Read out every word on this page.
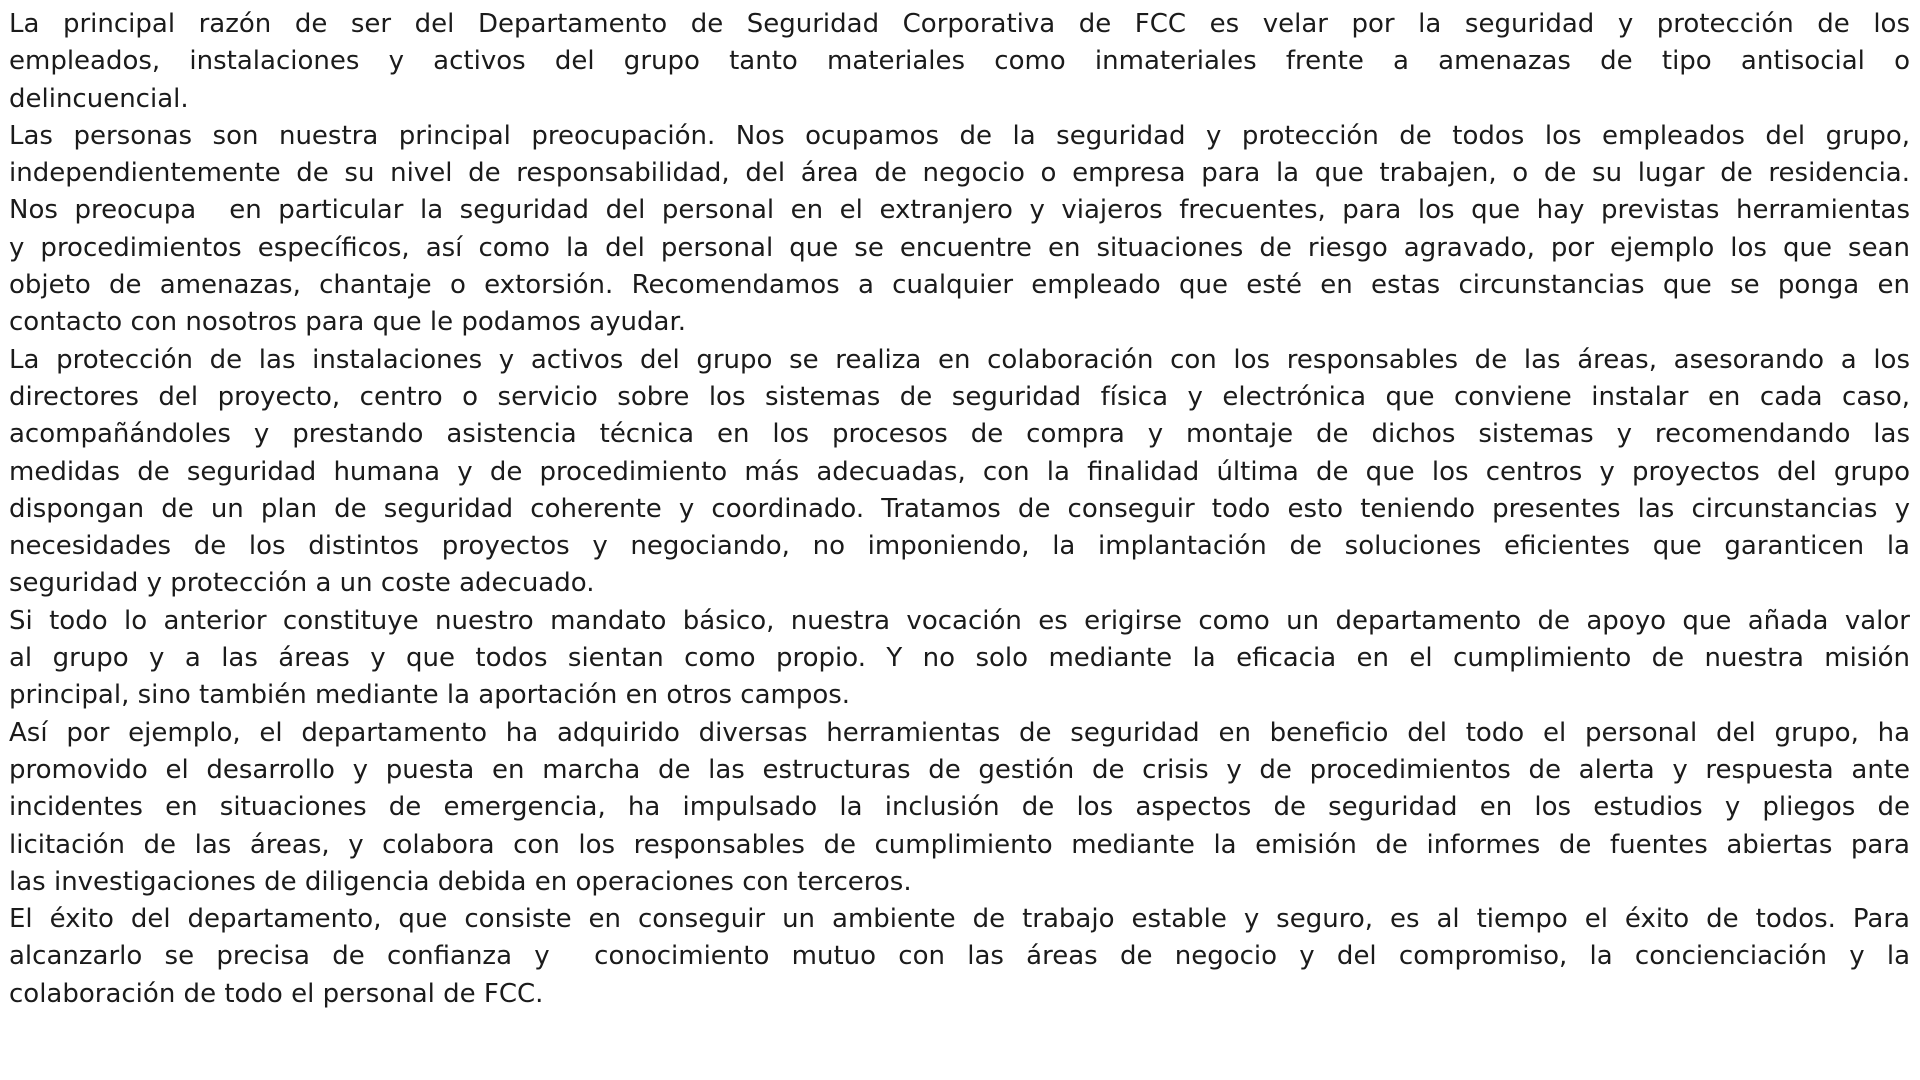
La principal razón de ser del Departamento de Seguridad Corporativa de FCC es velar por la seguridad y protección de los
empleados, instalaciones y activos del grupo tanto materiales como inmateriales frente a amenazas de tipo antisocial o
delincuencial.

Las personas son nuestra principal preocupación. Nos ocupamos de la seguridad y protección de todos los empleados del grupo,
independientemente de su nivel de responsabilidad, del área de negocio o empresa para la que trabajen, o de su lugar de residencia.

Nos preocupa  en particular la seguridad del personal en el extranjero y viajeros frecuentes, para los que hay previstas herramientas
y procedimientos específicos, así como la del personal que se encuentre en situaciones de riesgo agravado, por ejemplo los que sean
objeto de amenazas, chantaje o extorsión. Recomendamos a cualquier empleado que esté en estas circunstancias que se ponga en
contacto con nosotros para que le podamos ayudar.

La protección de las instalaciones y activos del grupo se realiza en colaboración con los responsables de las áreas, asesorando a los
directores del proyecto, centro o servicio sobre los sistemas de seguridad física y electrónica que conviene instalar en cada caso,
acompañándoles y prestando asistencia técnica en los procesos de compra y montaje de dichos sistemas y recomendando las
medidas de seguridad humana y de procedimiento más adecuadas, con la finalidad última de que los centros y proyectos del grupo
dispongan de un plan de seguridad coherente y coordinado. Tratamos de conseguir todo esto teniendo presentes las circunstancias y
necesidades de los distintos proyectos y negociando, no imponiendo, la implantación de soluciones eficientes que garanticen la
seguridad y protección a un coste adecuado.

Si todo lo anterior constituye nuestro mandato básico, nuestra vocación es erigirse como un departamento de apoyo que añada valor
al grupo y a las áreas y que todos sientan como propio. Y no solo mediante la eficacia en el cumplimiento de nuestra misión
principal, sino también mediante la aportación en otros campos.

Así por ejemplo, el departamento ha adquirido diversas herramientas de seguridad en beneficio del todo el personal del grupo, ha
promovido el desarrollo y puesta en marcha de las estructuras de gestión de crisis y de procedimientos de alerta y respuesta ante
incidentes en situaciones de emergencia, ha impulsado la inclusión de los aspectos de seguridad en los estudios y pliegos de
licitación de las áreas, y colabora con los responsables de cumplimiento mediante la emisión de informes de fuentes abiertas para
las investigaciones de diligencia debida en operaciones con terceros.

El éxito del departamento, que consiste en conseguir un ambiente de trabajo estable y seguro, es al tiempo el éxito de todos. Para
alcanzarlo se precisa de confianza y  conocimiento mutuo con las áreas de negocio y del compromiso, la concienciación y la
colaboración de todo el personal de FCC.
